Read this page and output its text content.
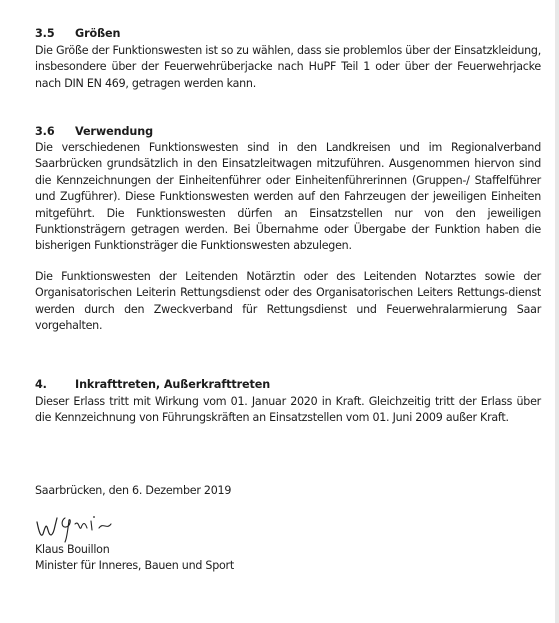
3.5 Größen

Die Größe der Funktionswesten ist so zu wählen, dass sie problemlos über der Einsatzkleidung, insbesondere über der Feuerwehrüberjacke nach HuPF Teil 1 oder über der Feuerwehrjacke nach DIN EN 469, getragen werden kann.

3.6 Verwendung

Die verschiedenen Funktionswesten sind in den Landkreisen und im Regionalverband Saarbrücken grundsätzlich in den Einsatzleitwagen mitzuführen. Ausgenommen hiervon sind die Kennzeichnungen der Einheitenführer oder Einheitenführerinnen (Gruppen-/ Staffelführer und Zugführer). Diese Funktionswesten werden auf den Fahrzeugen der jeweiligen Einheiten mitgeführt. Die Funktionswesten dürfen an Einsatzstellen nur von den jeweiligen Funktionsträgern getragen werden. Bei Übernahme oder Übergabe der Funktion haben die bisherigen Funktionsträger die Funktionswesten abzulegen.

Die Funktionswesten der Leitenden Notärztin oder des Leitenden Notarztes sowie der Organisatorischen Leiterin Rettungsdienst oder des Organisatorischen Leiters Rettungs-dienst werden durch den Zweckverband für Rettungsdienst und Feuerwehralarmierung Saar vorgehalten.

4.	Inkrafttreten, Außerkrafttreten

Dieser Erlass tritt mit Wirkung vom 01. Januar 2020 in Kraft. Gleichzeitig tritt der Erlass über die Kennzeichnung von Führungskräften an Einsatzstellen vom 01. Juni 2009 außer Kraft.

Saarbrücken, den 6. Dezember 2019
Klaus Bouillon
Minister für Inneres, Bauen und Sport
